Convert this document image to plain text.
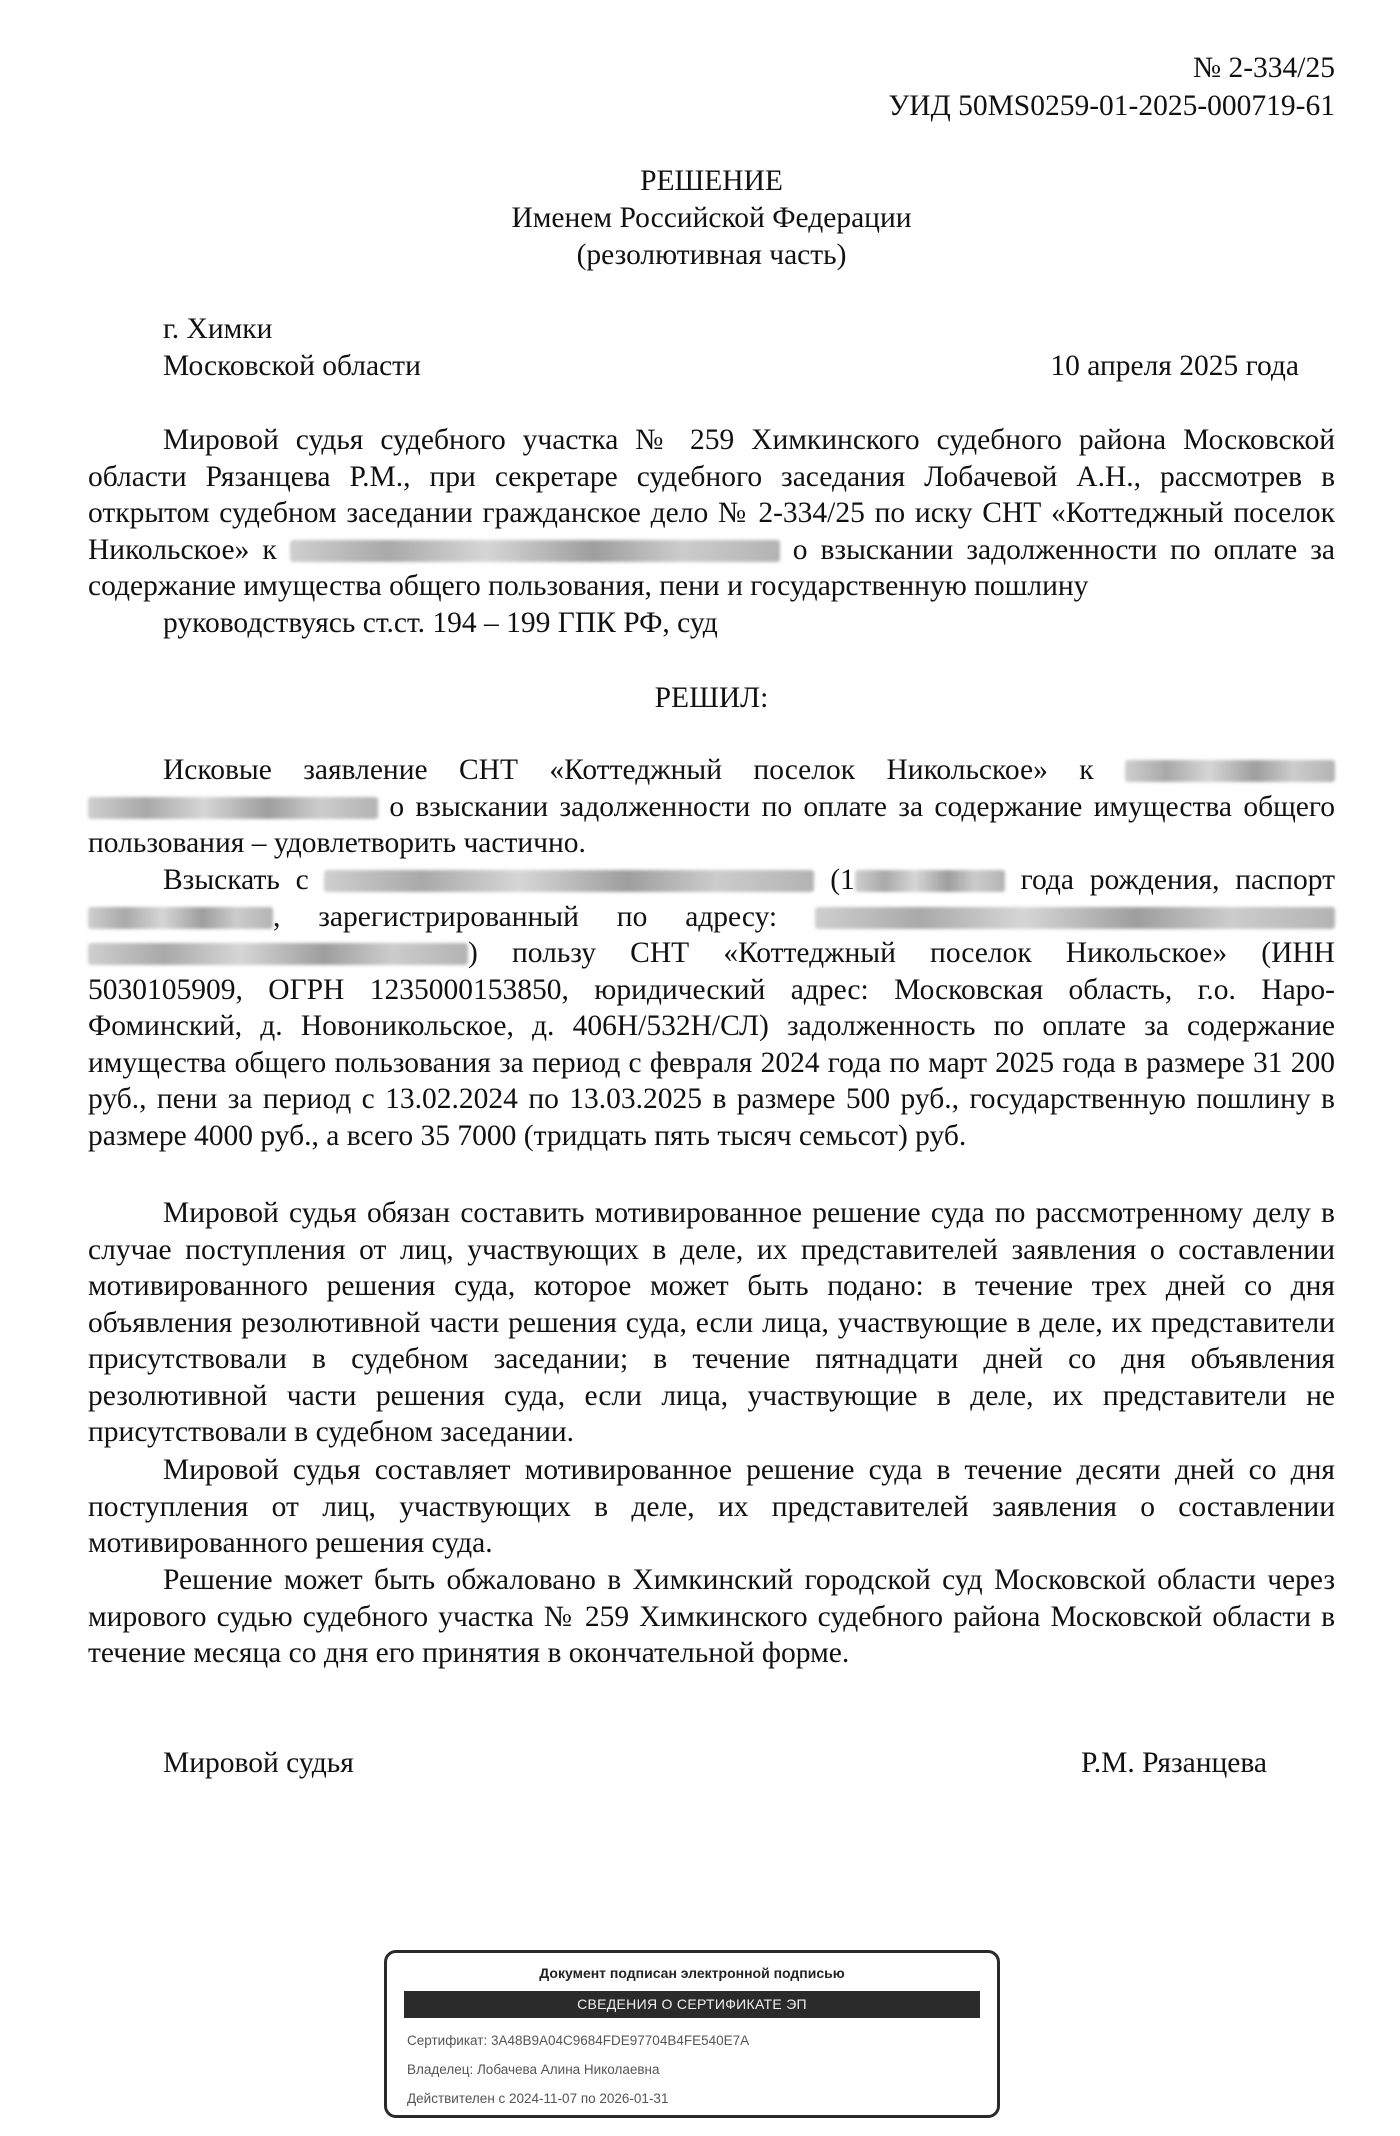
№ 2-334/25
УИД 50MS0259-01-2025-000719-61
РЕШЕНИЕ
Именем Российской Федерации
(резолютивная часть)
г. Химки
Московской области	10 апреля 2025 года

Мировой судья судебного участка № 259 Химкинского судебного района Московской области Рязанцева Р.М., при секретаре судебного заседания Лобачевой А.Н., рассмотрев в открытом судебном заседании гражданское дело № 2-334/25 по иску СНТ «Коттеджный поселок Никольское» к	о взыскании задолженности по оплате за содержание имущества общего пользования, пени и государственную пошлину

руководствуясь ст.ст. 194 – 199 ГПК РФ, суд

РЕШИЛ:

Исковые заявление СНТ «Коттеджный поселок Никольское» к   о взыскании задолженности по оплате за содержание имущества общего пользования – удовлетворить частично.

Взыскать с	(1	года рождения, паспорт , зарегистрированный по адресу:  ) пользу СНТ «Коттеджный поселок Никольское» (ИНН 5030105909, ОГРН 1235000153850, юридический адрес: Московская область, г.о. Наро-Фоминский, д. Новоникольское, д. 406Н/532Н/СЛ) задолженность по оплате за содержание имущества общего пользования за период с февраля 2024 года по март 2025 года в размере 31 200 руб., пени за период с 13.02.2024 по 13.03.2025 в размере 500 руб., государственную пошлину в размере 4000 руб., а всего 35 7000 (тридцать пять тысяч семьсот) руб.

Мировой судья обязан составить мотивированное решение суда по рассмотренному делу в случае поступления от лиц, участвующих в деле, их представителей заявления о составлении мотивированного решения суда, которое может быть подано: в течение трех дней со дня объявления резолютивной части решения суда, если лица, участвующие в деле, их представители присутствовали в судебном заседании; в течение пятнадцати дней со дня объявления резолютивной части решения суда, если лица, участвующие в деле, их представители не присутствовали в судебном заседании.

Мировой судья составляет мотивированное решение суда в течение десяти дней со дня поступления от лиц, участвующих в деле, их представителей заявления о составлении мотивированного решения суда.

Решение может быть обжаловано в Химкинский городской суд Московской области через мирового судью судебного участка № 259 Химкинского судебного района Московской области в течение месяца со дня его принятия в окончательной форме.

Мировой судья	Р.М. Рязанцева
Документ подписан электронной подписью
СВЕДЕНИЯ О СЕРТИФИКАТЕ ЭП
Сертификат: 3A48B9A04C9684FDE97704B4FE540E7A
Владелец: Лобачева Алина Николаевна
Действителен с 2024-11-07 по 2026-01-31
